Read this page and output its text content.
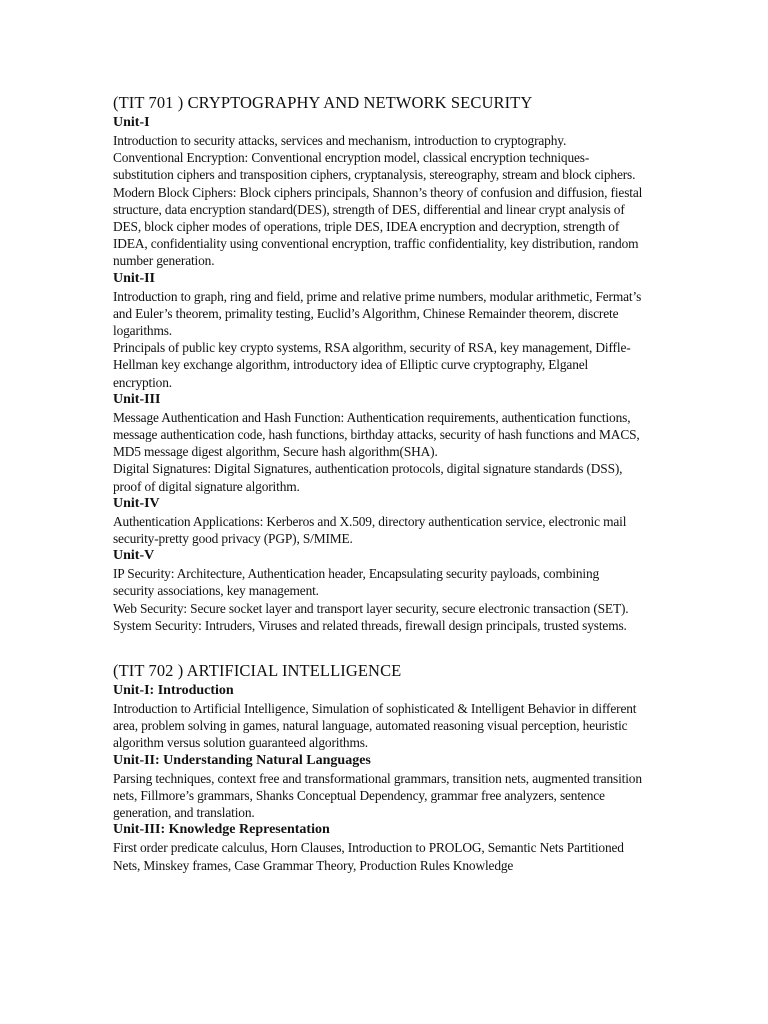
(TIT 701 ) CRYPTOGRAPHY AND NETWORK SECURITY
Unit-I

Introduction to security attacks, services and mechanism, introduction to cryptography.

Conventional Encryption: Conventional encryption model, classical encryption techniques- substitution ciphers and transposition ciphers, cryptanalysis, stereography, stream and block ciphers.

Modern Block Ciphers: Block ciphers principals, Shannon’s theory of confusion and diffusion, fiestal structure, data encryption standard(DES), strength of DES, differential and linear crypt analysis of DES, block cipher modes of operations, triple DES, IDEA encryption and decryption, strength of IDEA, confidentiality using conventional encryption, traffic confidentiality, key distribution, random number generation.

Unit-II

Introduction to graph, ring and field, prime and relative prime numbers, modular arithmetic, Fermat’s and Euler’s theorem, primality testing, Euclid’s Algorithm, Chinese Remainder theorem, discrete logarithms.

Principals of public key crypto systems, RSA algorithm, security of RSA, key management, Diffle-Hellman key exchange algorithm, introductory idea of Elliptic curve cryptography, Elganel encryption.

Unit-III

Message Authentication and Hash Function: Authentication requirements, authentication functions, message authentication code, hash functions, birthday attacks, security of hash functions and MACS, MD5 message digest algorithm, Secure hash algorithm(SHA).

Digital Signatures: Digital Signatures, authentication protocols, digital signature standards (DSS), proof of digital signature algorithm.

Unit-IV

Authentication Applications: Kerberos and X.509, directory authentication service, electronic mail security-pretty good privacy (PGP), S/MIME.

Unit-V

IP Security: Architecture, Authentication header, Encapsulating security payloads, combining security associations, key management.

Web Security: Secure socket layer and transport layer security, secure electronic transaction (SET).

System Security: Intruders, Viruses and related threads, firewall design principals, trusted systems.

(TIT 702 ) ARTIFICIAL INTELLIGENCE
Unit-I: Introduction

Introduction to Artificial Intelligence, Simulation of sophisticated & Intelligent Behavior in different area, problem solving in games, natural language, automated reasoning visual perception, heuristic algorithm versus solution guaranteed algorithms.

Unit-II: Understanding Natural Languages

Parsing techniques, context free and transformational grammars, transition nets, augmented transition nets, Fillmore’s grammars, Shanks Conceptual Dependency, grammar free analyzers, sentence generation, and translation.

Unit-III: Knowledge Representation

First order predicate calculus, Horn Clauses, Introduction to PROLOG, Semantic Nets Partitioned Nets, Minskey frames, Case Grammar Theory, Production Rules Knowledge
